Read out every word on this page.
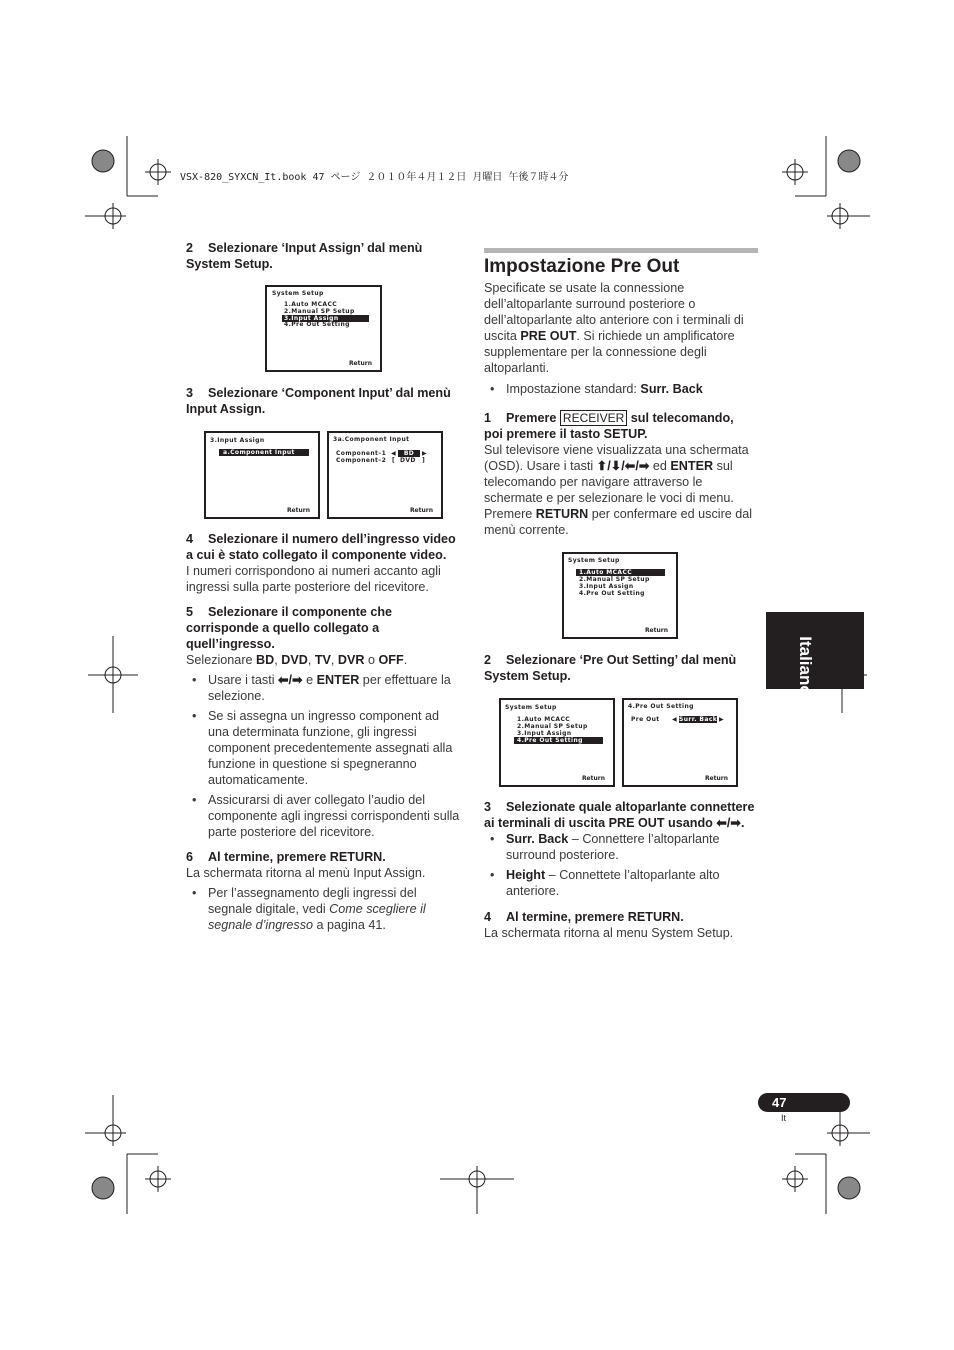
VSX-820_SYXCN_It.book 47 ページ ２０１０年４月１２日 月曜日 午後７時４分

2 Selezionare ‘Input Assign’ dal menù System Setup.

System Setup
1.Auto MCACC
2.Manual SP Setup
3.Input Assign
4.Pre Out Setting
Return

3 Selezionare ‘Component Input’ dal menù Input Assign.

3.Input Assign
a.Component Input
Return
3a.Component Input
Component–1 ◀	BD	▶
Component–2 [ DVD ]
Return

4 Selezionare il numero dell’ingresso video a cui è stato collegato il componente video.

I numeri corrispondono ai numeri accanto agli ingressi sulla parte posteriore del ricevitore.

5 Selezionare il componente che corrisponde a quello collegato a quell’ingresso.

Selezionare BD, DVD, TV, DVR o OFF.

• Usare i tasti ⬅/➡ e ENTER per effettuare la selezione.

• Se si assegna un ingresso component ad una determinata funzione, gli ingressi component precedentemente assegnati alla funzione in questione si spegneranno automaticamente.

• Assicurarsi di aver collegato l’audio del componente agli ingressi corrispondenti sulla parte posteriore del ricevitore.

6 Al termine, premere RETURN.

La schermata ritorna al menù Input Assign.

• Per l’assegnamento degli ingressi del segnale digitale, vedi Come scegliere il segnale d’ingresso a pagina 41.

Impostazione Pre Out

Specificate se usate la connessione dell’altoparlante surround posteriore o dell’altoparlante alto anteriore con i terminali di uscita PRE OUT. Si richiede un amplificatore supplementare per la connessione degli altoparlanti.

• Impostazione standard: Surr. Back

1 Premere RECEIVER sul telecomando, poi premere il tasto SETUP.

Sul televisore viene visualizzata una schermata (OSD). Usare i tasti ⬆/⬇/⬅/➡ ed ENTER sul telecomando per navigare attraverso le schermate e per selezionare le voci di menu. Premere RETURN per confermare ed uscire dal menù corrente.

System Setup
1.Auto MCACC
2.Manual SP Setup
3.Input Assign
4.Pre Out Setting
Return

2 Selezionare ‘Pre Out Setting’ dal menù System Setup.

System Setup
1.Auto MCACC
2.Manual SP Setup
3.Input Assign
4.Pre Out Setting
Return
4.Pre Out Setting
Pre Out ◀ Surr. Back ▶
Return

3 Selezionate quale altoparlante connettere ai terminali di uscita PRE OUT usando ⬅/➡.

• Surr. Back – Connettere l’altoparlante surround posteriore.

• Height – Connettete l’altoparlante alto anteriore.

4 Al termine, premere RETURN.

La schermata ritorna al menu System Setup.

Italiano
47
It
